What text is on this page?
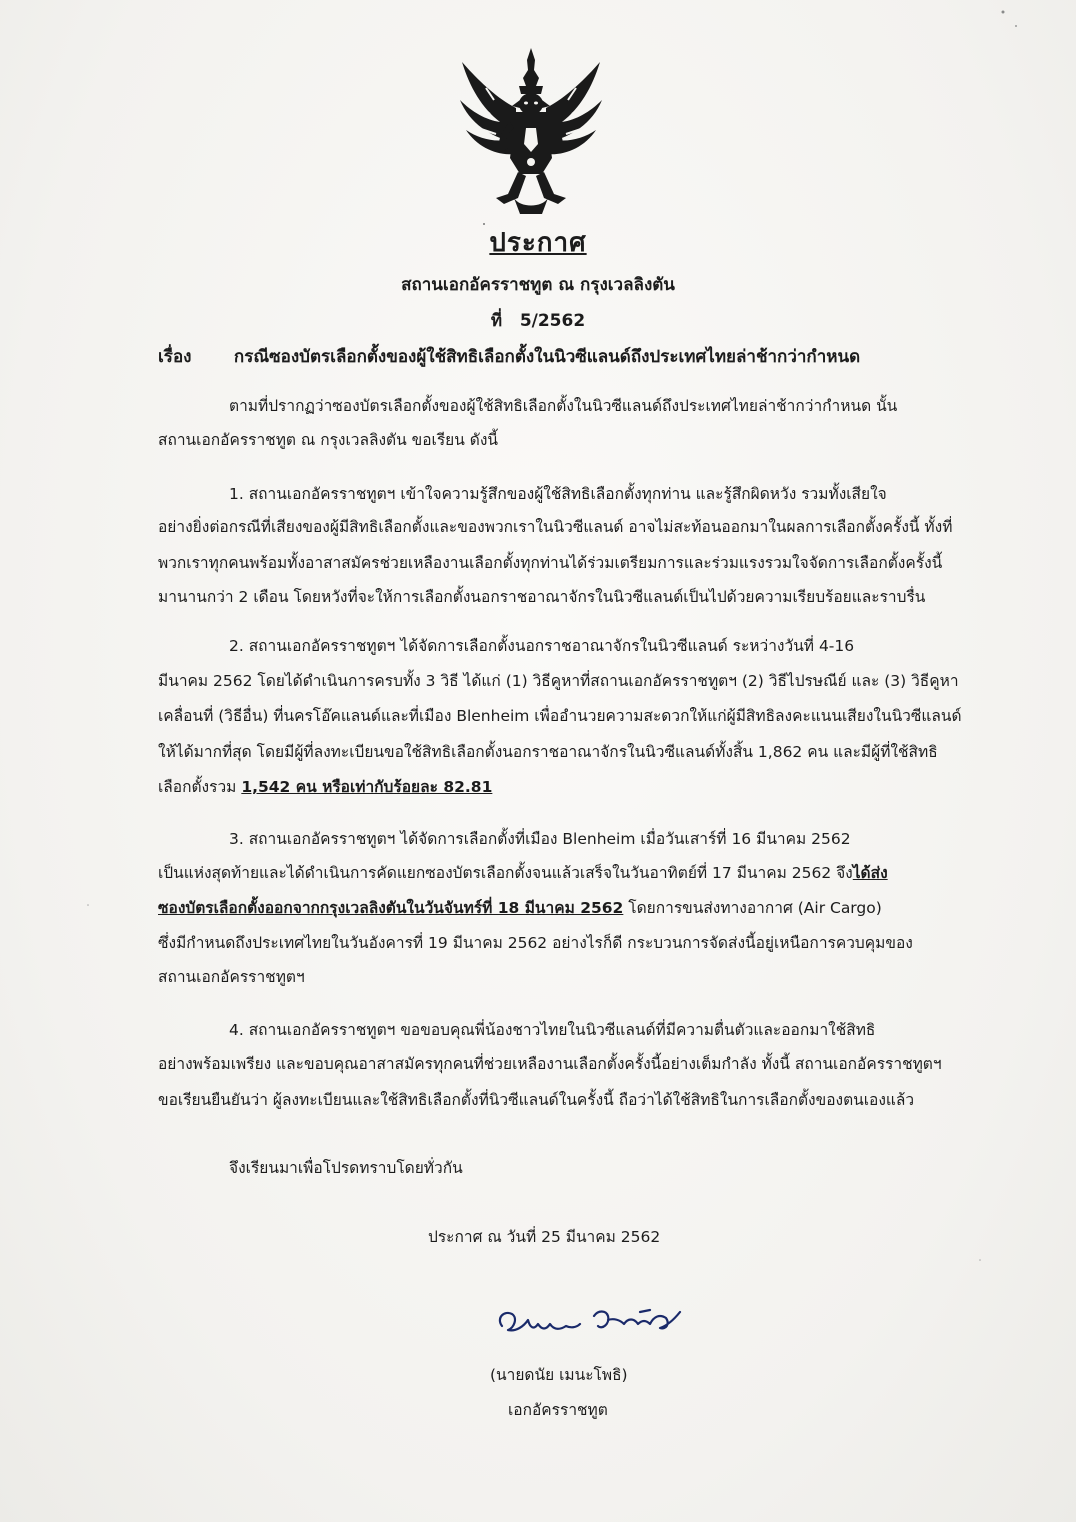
ประกาศ
สถานเอกอัครราชทูต ณ กรุงเวลลิงตัน
ที่ 5/2562
เรื่อง กรณีซองบัตรเลือกตั้งของผู้ใช้สิทธิเลือกตั้งในนิวซีแลนด์ถึงประเทศไทยล่าช้ากว่ากำหนด
ตามที่ปรากฏว่าซองบัตรเลือกตั้งของผู้ใช้สิทธิเลือกตั้งในนิวซีแลนด์ถึงประเทศไทยล่าช้ากว่ากำหนด นั้น
สถานเอกอัครราชทูต ณ กรุงเวลลิงตัน ขอเรียน ดังนี้
1. สถานเอกอัครราชทูตฯ เข้าใจความรู้สึกของผู้ใช้สิทธิเลือกตั้งทุกท่าน และรู้สึกผิดหวัง รวมทั้งเสียใจ
อย่างยิ่งต่อกรณีที่เสียงของผู้มีสิทธิเลือกตั้งและของพวกเราในนิวซีแลนด์ อาจไม่สะท้อนออกมาในผลการเลือกตั้งครั้งนี้ ทั้งที่
พวกเราทุกคนพร้อมทั้งอาสาสมัครช่วยเหลืองานเลือกตั้งทุกท่านได้ร่วมเตรียมการและร่วมแรงรวมใจจัดการเลือกตั้งครั้งนี้
มานานกว่า 2 เดือน โดยหวังที่จะให้การเลือกตั้งนอกราชอาณาจักรในนิวซีแลนด์เป็นไปด้วยความเรียบร้อยและราบรื่น
2. สถานเอกอัครราชทูตฯ ได้จัดการเลือกตั้งนอกราชอาณาจักรในนิวซีแลนด์ ระหว่างวันที่ 4-16
มีนาคม 2562 โดยได้ดำเนินการครบทั้ง 3 วิธี ได้แก่ (1) วิธีคูหาที่สถานเอกอัครราชทูตฯ (2) วิธีไปรษณีย์ และ (3) วิธีคูหา
เคลื่อนที่ (วิธีอื่น) ที่นครโอ๊คแลนด์และที่เมือง Blenheim เพื่ออำนวยความสะดวกให้แก่ผู้มีสิทธิลงคะแนนเสียงในนิวซีแลนด์
ให้ได้มากที่สุด โดยมีผู้ที่ลงทะเบียนขอใช้สิทธิเลือกตั้งนอกราชอาณาจักรในนิวซีแลนด์ทั้งสิ้น 1,862 คน และมีผู้ที่ใช้สิทธิ
เลือกตั้งรวม 1,542 คน หรือเท่ากับร้อยละ 82.81
3. สถานเอกอัครราชทูตฯ ได้จัดการเลือกตั้งที่เมือง Blenheim เมื่อวันเสาร์ที่ 16 มีนาคม 2562
เป็นแห่งสุดท้ายและได้ดำเนินการคัดแยกซองบัตรเลือกตั้งจนแล้วเสร็จในวันอาทิตย์ที่ 17 มีนาคม 2562 จึงได้ส่ง
ซองบัตรเลือกตั้งออกจากกรุงเวลลิงตันในวันจันทร์ที่ 18 มีนาคม 2562 โดยการขนส่งทางอากาศ (Air Cargo)
ซึ่งมีกำหนดถึงประเทศไทยในวันอังคารที่ 19 มีนาคม 2562 อย่างไรก็ดี กระบวนการจัดส่งนี้อยู่เหนือการควบคุมของ
สถานเอกอัครราชทูตฯ
4. สถานเอกอัครราชทูตฯ ขอขอบคุณพี่น้องชาวไทยในนิวซีแลนด์ที่มีความตื่นตัวและออกมาใช้สิทธิ
อย่างพร้อมเพรียง และขอบคุณอาสาสมัครทุกคนที่ช่วยเหลืองานเลือกตั้งครั้งนี้อย่างเต็มกำลัง ทั้งนี้ สถานเอกอัครราชทูตฯ
ขอเรียนยืนยันว่า ผู้ลงทะเบียนและใช้สิทธิเลือกตั้งที่นิวซีแลนด์ในครั้งนี้ ถือว่าได้ใช้สิทธิในการเลือกตั้งของตนเองแล้ว
จึงเรียนมาเพื่อโปรดทราบโดยทั่วกัน
ประกาศ ณ วันที่ 25 มีนาคม 2562
(นายดนัย เมนะโพธิ)
เอกอัครราชทูต
